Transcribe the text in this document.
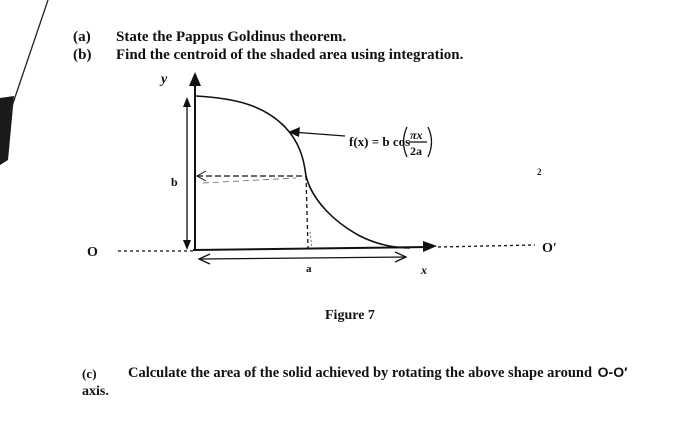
y
b
a	x
O	O′
f(x) = b cos πx
2a
2
(a) State the Pappus Goldinus theorem.
(b) Find the centroid of the shaded area using integration.
Figure 7
(c) Calculate the area of the solid achieved by rotating the above shape around O-O′
axis.
